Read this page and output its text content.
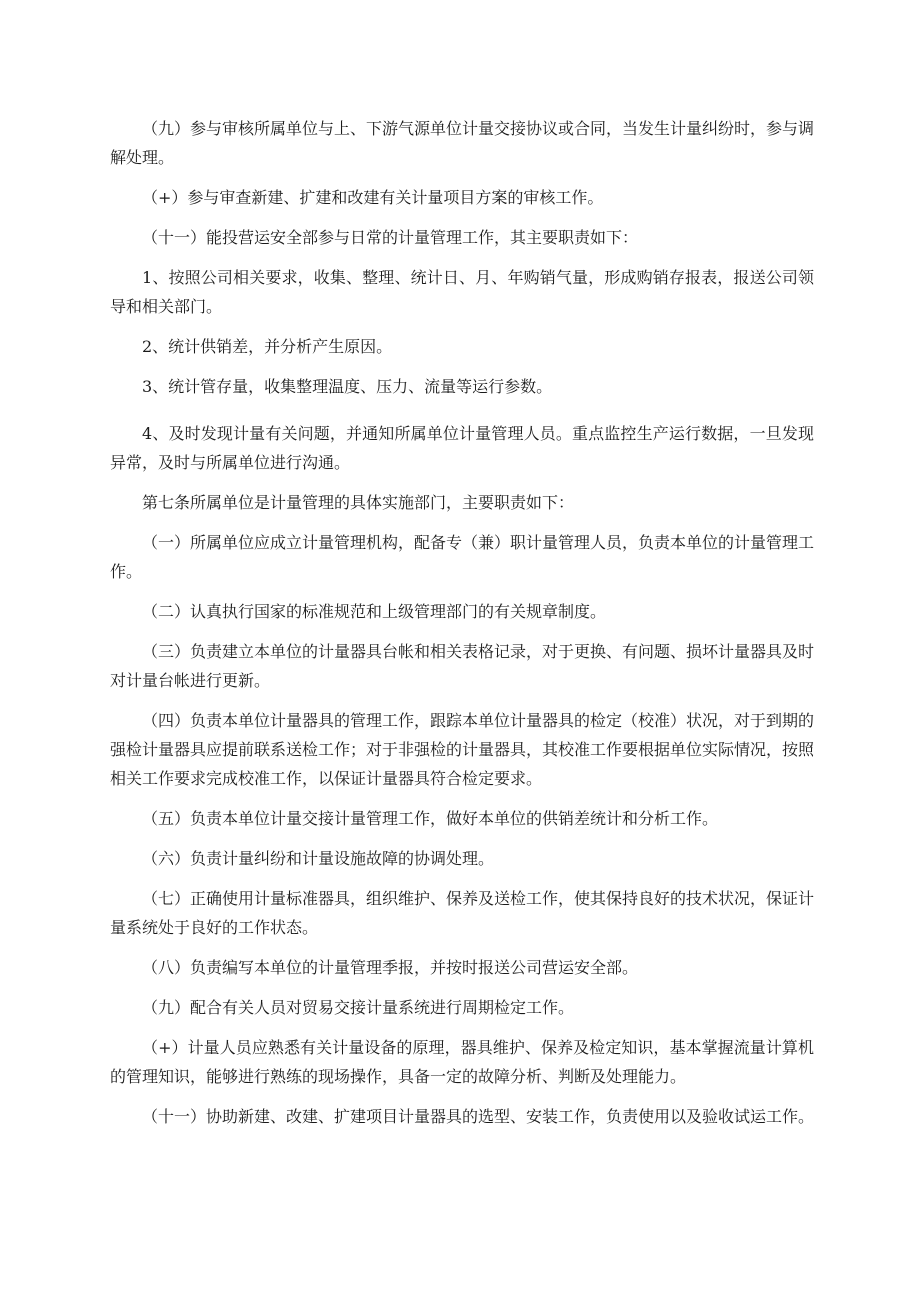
（九）参与审核所属单位与上、下游气源单位计量交接协议或合同，当发生计量纠纷时，参与调解处理。

（+）参与审查新建、扩建和改建有关计量项目方案的审核工作。

（十一）能投营运安全部参与日常的计量管理工作，其主要职责如下：

1、按照公司相关要求，收集、整理、统计日、月、年购销气量，形成购销存报表，报送公司领导和相关部门。

2、统计供销差，并分析产生原因。

3、统计管存量，收集整理温度、压力、流量等运行参数。

4、及时发现计量有关问题，并通知所属单位计量管理人员。重点监控生产运行数据，一旦发现异常，及时与所属单位进行沟通。

第七条所属单位是计量管理的具体实施部门，主要职责如下：

（一）所属单位应成立计量管理机构，配备专（兼）职计量管理人员，负责本单位的计量管理工作。

（二）认真执行国家的标准规范和上级管理部门的有关规章制度。

（三）负责建立本单位的计量器具台帐和相关表格记录，对于更换、有问题、损坏计量器具及时对计量台帐进行更新。

（四）负责本单位计量器具的管理工作，跟踪本单位计量器具的检定（校准）状况，对于到期的强检计量器具应提前联系送检工作；对于非强检的计量器具，其校准工作要根据单位实际情况，按照相关工作要求完成校准工作，以保证计量器具符合检定要求。

（五）负责本单位计量交接计量管理工作，做好本单位的供销差统计和分析工作。

（六）负责计量纠纷和计量设施故障的协调处理。

（七）正确使用计量标准器具，组织维护、保养及送检工作，使其保持良好的技术状况，保证计量系统处于良好的工作状态。

（八）负责编写本单位的计量管理季报，并按时报送公司营运安全部。

（九）配合有关人员对贸易交接计量系统进行周期检定工作。

（+）计量人员应熟悉有关计量设备的原理，器具维护、保养及检定知识，基本掌握流量计算机的管理知识，能够进行熟练的现场操作，具备一定的故障分析、判断及处理能力。

（十一）协助新建、改建、扩建项目计量器具的选型、安装工作，负责使用以及验收试运工作。
